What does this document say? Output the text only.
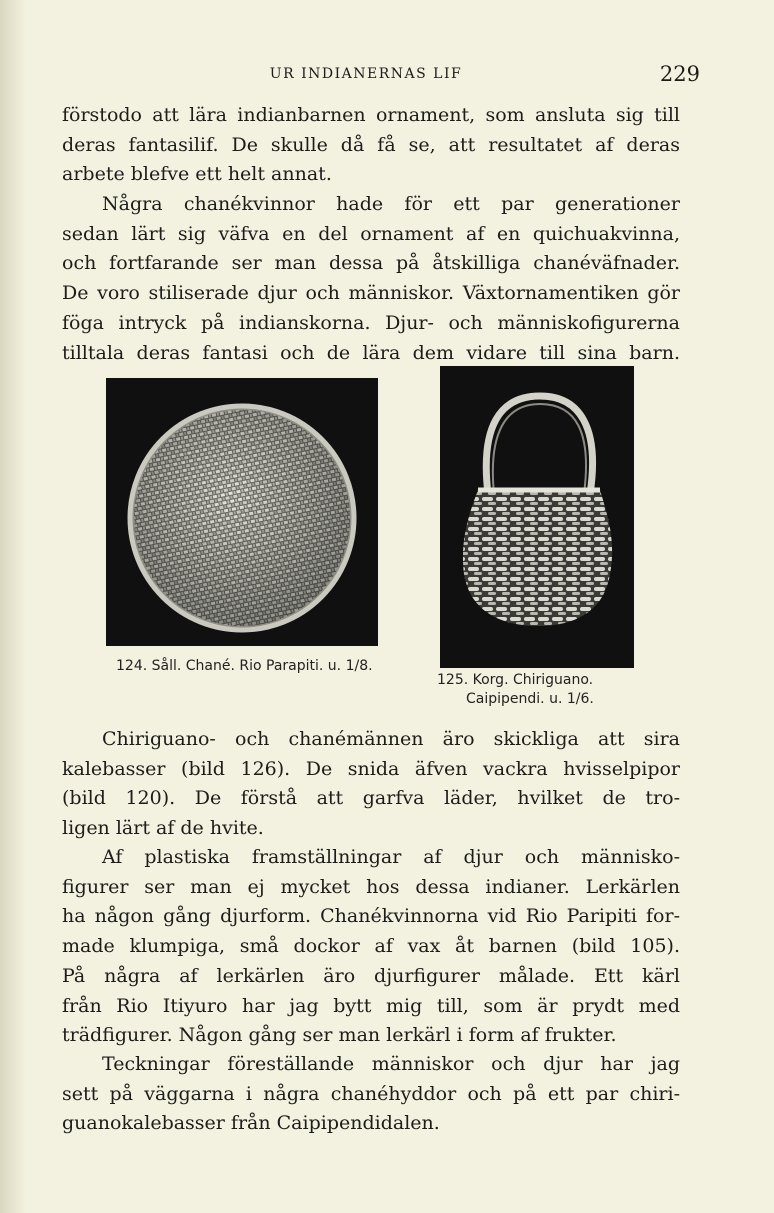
UR INDIANERNAS LIF	229

förstodo att lära indianbarnen ornament, som ansluta sig till
deras fantasilif. De skulle då få se, att resultatet af deras
arbete blefve ett helt annat.

Några chanékvinnor hade för ett par generationer
sedan lärt sig väfva en del ornament af en quichuakvinna,
och fortfarande ser man dessa på åtskilliga chanéväfnader.
De voro stiliserade djur och människor. Växtornamentiken gör
föga intryck på indianskorna. Djur- och människofigurerna
tilltala deras fantasi och de lära dem vidare till sina barn.

124. Såll. Chané. Rio Parapiti. u. 1/8.
125. Korg. Chiriguano.
Caipipendi. u. 1/6.

Chiriguano- och chanémännen äro skickliga att sira
kalebasser (bild 126). De snida äfven vackra hvisselpipor
(bild 120). De förstå att garfva läder, hvilket de tro-
ligen lärt af de hvite.

Af plastiska framställningar af djur och människo-
figurer ser man ej mycket hos dessa indianer. Lerkärlen
ha någon gång djurform. Chanékvinnorna vid Rio Paripiti for-
made klumpiga, små dockor af vax åt barnen (bild 105).
På några af lerkärlen äro djurfigurer målade. Ett kärl
från Rio Itiyuro har jag bytt mig till, som är prydt med
trädfigurer. Någon gång ser man lerkärl i form af frukter.

Teckningar föreställande människor och djur har jag
sett på väggarna i några chanéhyddor och på ett par chiri-
guanokalebasser från Caipipendidalen.
